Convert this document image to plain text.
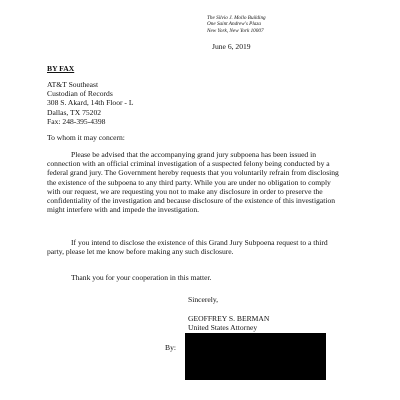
The Silvio J. Mollo Building
One Saint Andrew's Plaza
New York, New York 10007
June 6, 2019
BY FAX
AT&T Southeast
Custodian of Records
308 S. Akard, 14th Floor - L
Dallas, TX 75202
Fax: 248-395-4398
To whom it may concern:
Please be advised that the accompanying grand jury subpoena has been issued in
connection with an official criminal investigation of a suspected felony being conducted by a
federal grand jury. The Government hereby requests that you voluntarily refrain from disclosing
the existence of the subpoena to any third party. While you are under no obligation to comply
with our request, we are requesting you not to make any disclosure in order to preserve the
confidentiality of the investigation and because disclosure of the existence of this investigation
might interfere with and impede the investigation.
If you intend to disclose the existence of this Grand Jury Subpoena request to a third
party, please let me know before making any such disclosure.
Thank you for your cooperation in this matter.
Sincerely,
GEOFFREY S. BERMAN
United States Attorney
By:
